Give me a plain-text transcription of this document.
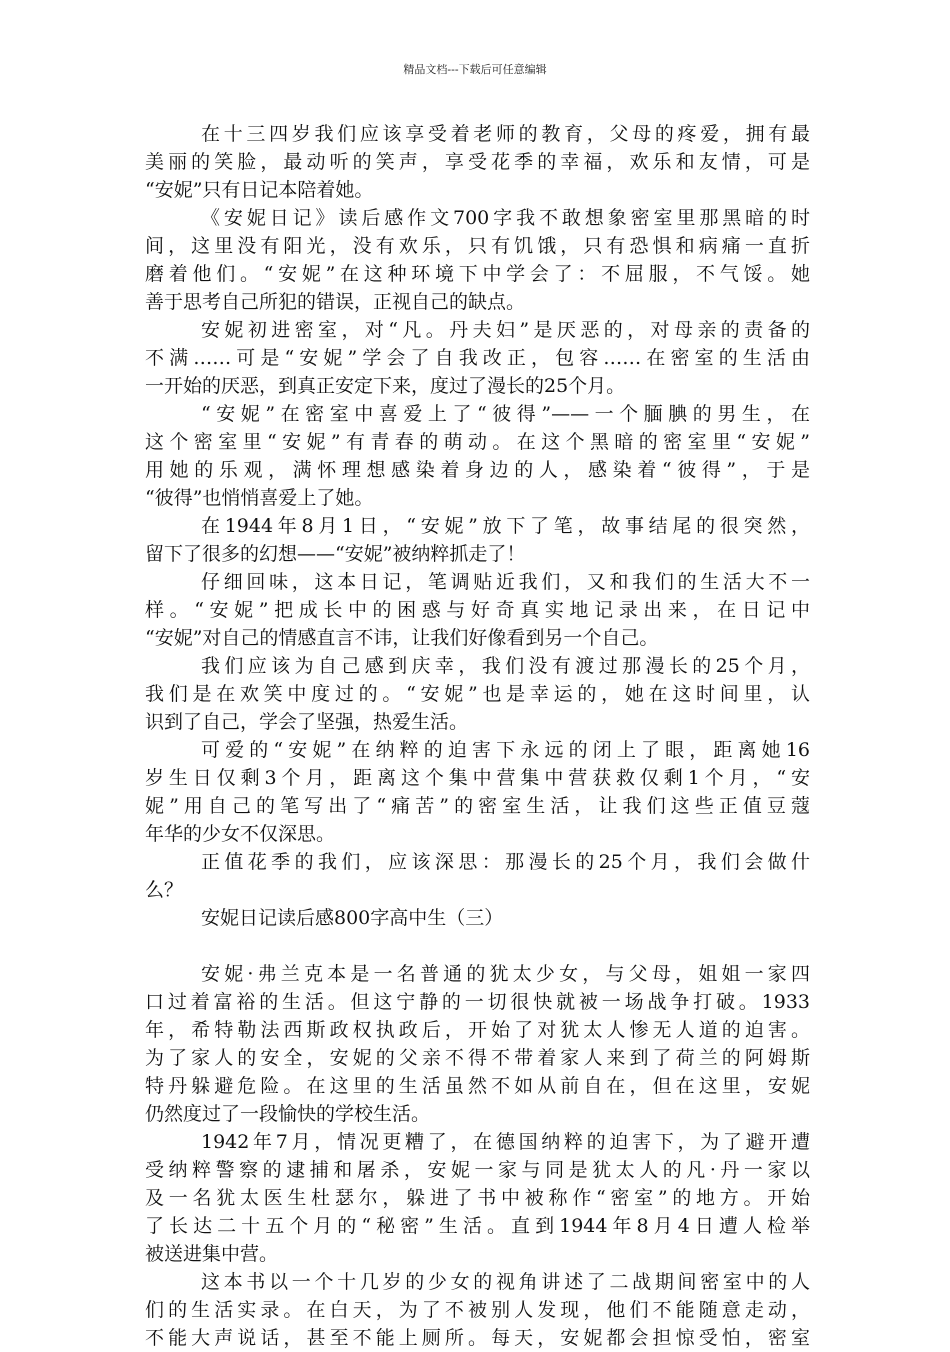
精品文档---下载后可任意编辑
在十三四岁我们应该享受着老师的教育，父母的疼爱，拥有最
美丽的笑脸，最动听的笑声，享受花季的幸福，欢乐和友情，可是
“安妮”只有日记本陪着她。
《安妮日记》读后感作文700字我不敢想象密室里那黑暗的时
间，这里没有阳光，没有欢乐，只有饥饿，只有恐惧和病痛一直折
磨着他们。“安妮”在这种环境下中学会了：不屈服，不气馁。她
善于思考自己所犯的错误，正视自己的缺点。
安妮初进密室，对“凡。丹夫妇”是厌恶的，对母亲的责备的
不满……可是“安妮”学会了自我改正，包容……在密室的生活由
一开始的厌恶，到真正安定下来，度过了漫长的25个月。
“安妮”在密室中喜爱上了“彼得”——一个腼腆的男生，在
这个密室里“安妮”有青春的萌动。在这个黑暗的密室里“安妮”
用她的乐观，满怀理想感染着身边的人，感染着“彼得”，于是
“彼得”也悄悄喜爱上了她。
在1944年8月1日，“安妮”放下了笔，故事结尾的很突然，
留下了很多的幻想——“安妮”被纳粹抓走了！
仔细回味，这本日记，笔调贴近我们，又和我们的生活大不一
样。“安妮”把成长中的困惑与好奇真实地记录出来，在日记中
“安妮”对自己的情感直言不讳，让我们好像看到另一个自己。
我们应该为自己感到庆幸，我们没有渡过那漫长的25个月，
我们是在欢笑中度过的。“安妮”也是幸运的，她在这时间里，认
识到了自己，学会了坚强，热爱生活。
可爱的“安妮”在纳粹的迫害下永远的闭上了眼，距离她16
岁生日仅剩3个月，距离这个集中营集中营获救仅剩1个月，“安
妮”用自己的笔写出了“痛苦”的密室生活，让我们这些正值豆蔻
年华的少女不仅深思。
正值花季的我们，应该深思：那漫长的25个月，我们会做什
么？
安妮日记读后感800字高中生（三）
安妮·弗兰克本是一名普通的犹太少女，与父母，姐姐一家四
口过着富裕的生活。但这宁静的一切很快就被一场战争打破。1933
年，希特勒法西斯政权执政后，开始了对犹太人惨无人道的迫害。
为了家人的安全，安妮的父亲不得不带着家人来到了荷兰的阿姆斯
特丹躲避危险。在这里的生活虽然不如从前自在，但在这里，安妮
仍然度过了一段愉快的学校生活。
1942年7月，情况更糟了，在德国纳粹的迫害下，为了避开遭
受纳粹警察的逮捕和屠杀，安妮一家与同是犹太人的凡·丹一家以
及一名犹太医生杜瑟尔，躲进了书中被称作“密室”的地方。开始
了长达二十五个月的“秘密”生活。直到1944年8月4日遭人检举
被送进集中营。
这本书以一个十几岁的少女的视角讲述了二战期间密室中的人
们的生活实录。在白天，为了不被别人发现，他们不能随意走动，
不能大声说话，甚至不能上厕所。每天，安妮都会担惊受怕，密室
